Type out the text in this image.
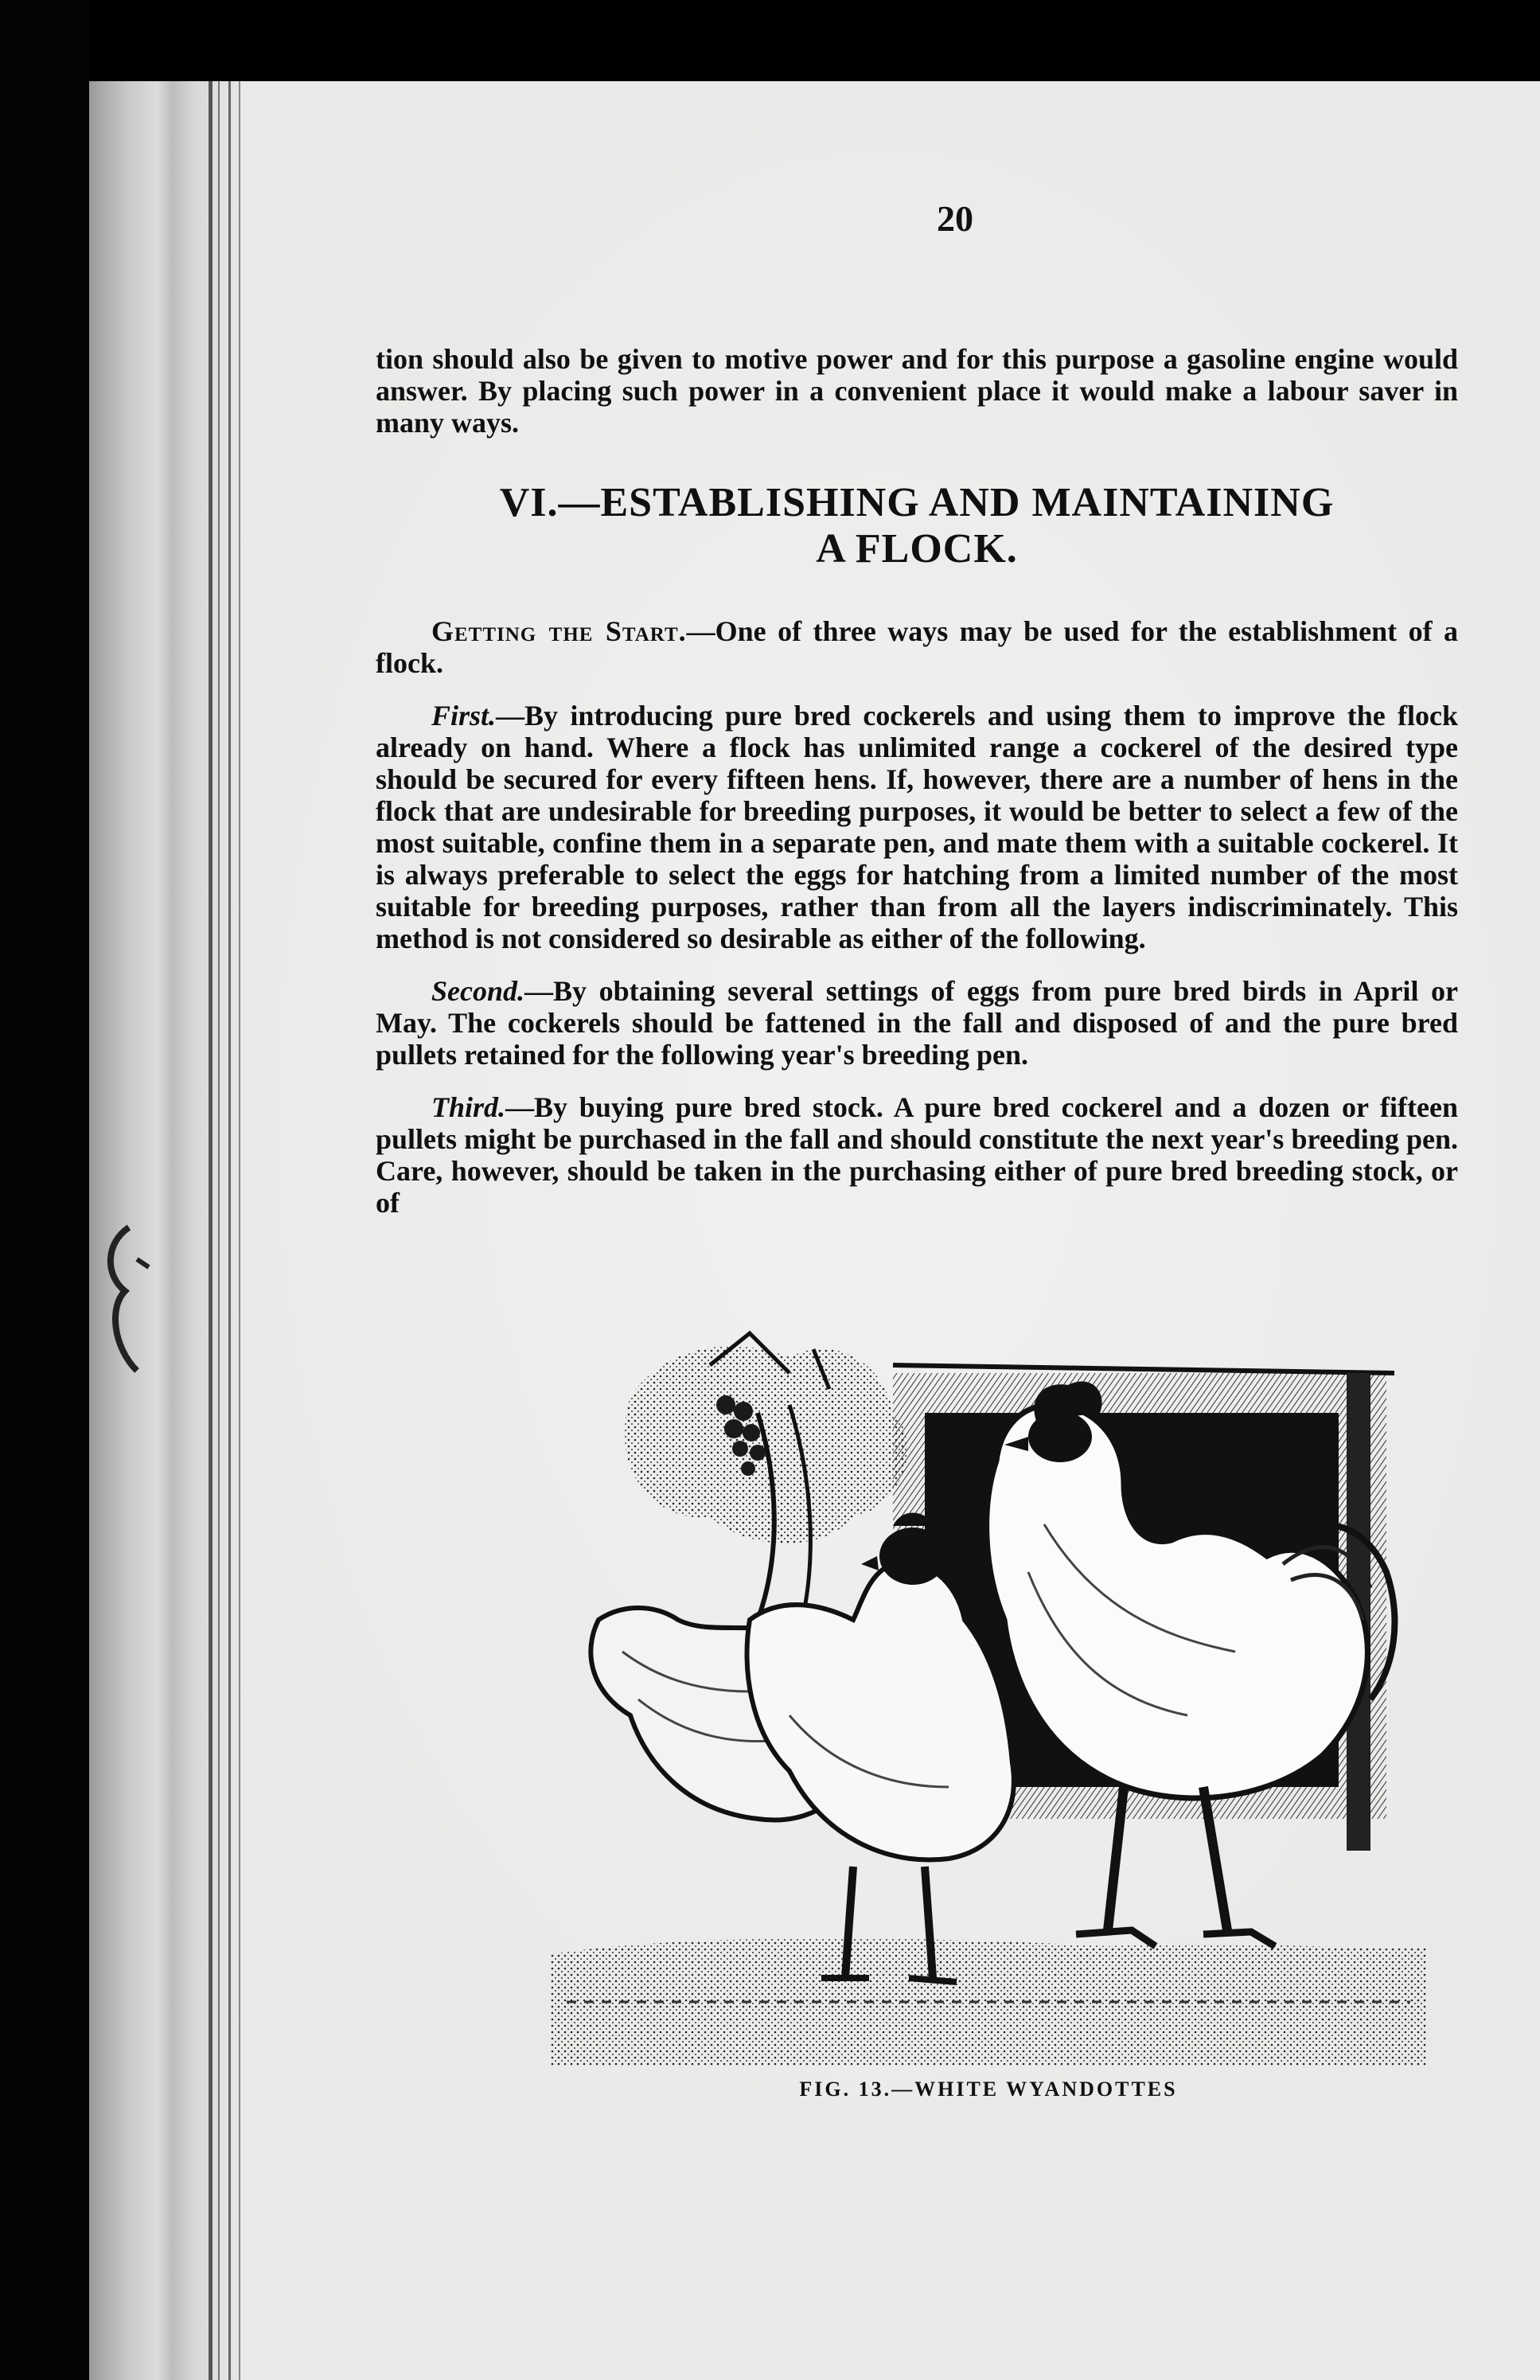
20

tion should also be given to motive power and for this purpose a gasoline engine would answer. By placing such power in a convenient place it would make a labour saver in many ways.

VI.—ESTABLISHING AND MAINTAINING
A FLOCK.

Getting the Start.—One of three ways may be used for the establishment of a flock.

First.—By introducing pure bred cockerels and using them to improve the flock already on hand. Where a flock has unlimited range a cockerel of the desired type should be secured for every fifteen hens. If, however, there are a number of hens in the flock that are undesirable for breeding purposes, it would be better to select a few of the most suitable, confine them in a separate pen, and mate them with a suitable cockerel. It is always preferable to select the eggs for hatching from a limited number of the most suitable for breeding purposes, rather than from all the layers indiscriminately. This method is not considered so desirable as either of the following.

Second.—By obtaining several settings of eggs from pure bred birds in April or May. The cockerels should be fattened in the fall and disposed of and the pure bred pullets retained for the following year's breeding pen.

Third.—By buying pure bred stock. A pure bred cockerel and a dozen or fifteen pullets might be purchased in the fall and should constitute the next year's breeding pen. Care, however, should be taken in the purchasing either of pure bred breeding stock, or of

FIG. 13.—WHITE WYANDOTTES
